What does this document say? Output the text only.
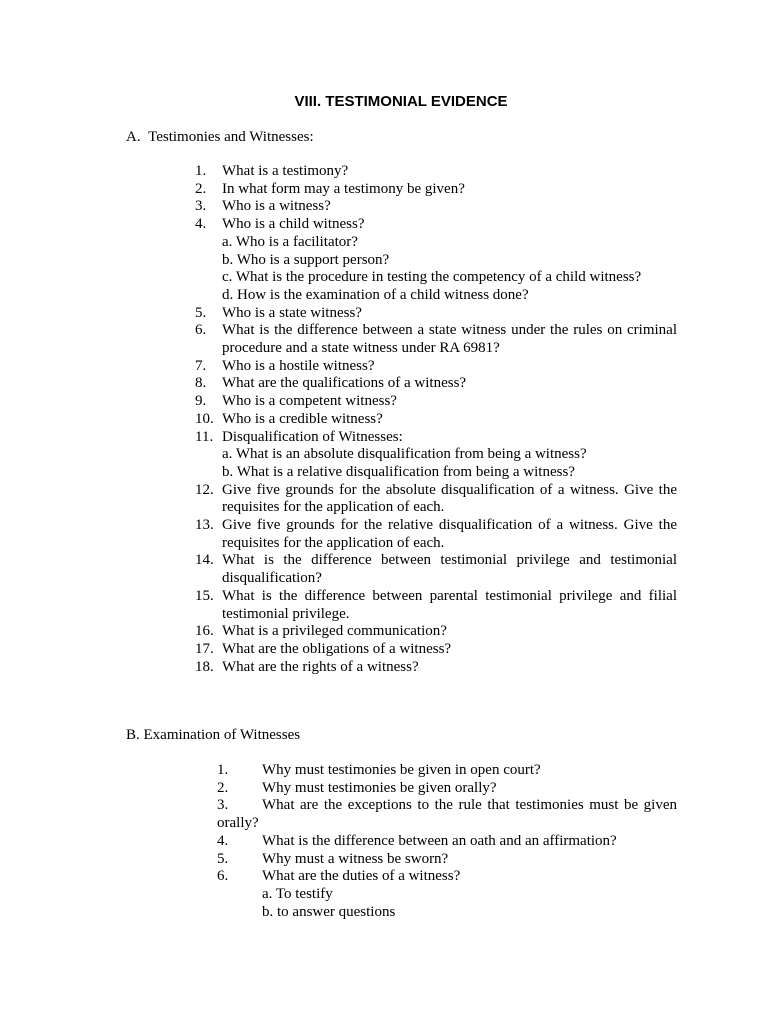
VIII. TESTIMONIAL EVIDENCE

A.  Testimonies and Witnesses:

1.	What is a testimony?
2.	In what form may a testimony be given?
3.	Who is a witness?
4.	Who is a child witness?
a. Who is a facilitator?
b. Who is a support person?
c. What is the procedure in testing the competency of a child witness?
d. How is the examination of a child witness done?
5.	Who is a state witness?
6.	What is the difference between a state witness under the rules on criminal procedure and a state witness under RA 6981?
7.	Who is a hostile witness?
8.	What are the qualifications of a witness?
9.	Who is a competent witness?
10. Who is a credible witness?
11. Disqualification of Witnesses:
a. What is an absolute disqualification from being a witness?
b. What is a relative disqualification from being a witness?
12. Give five grounds for the absolute disqualification of a witness. Give the requisites for the application of each.
13. Give five grounds for the relative disqualification of a witness. Give the requisites for the application of each.
14. What is the difference between testimonial privilege and testimonial disqualification?
15. What is the difference between parental testimonial privilege and filial testimonial privilege.
16. What is a privileged communication?
17. What are the obligations of a witness?
18. What are the rights of a witness?

B. Examination of Witnesses

1. Why must testimonies be given in open court?
2. Why must testimonies be given orally?
3. What are the exceptions to the rule that testimonies must be given orally?
4. What is the difference between an oath and an affirmation?
5. Why must a witness be sworn?
6. What are the duties of a witness?
a. To testify
b. to answer questions
